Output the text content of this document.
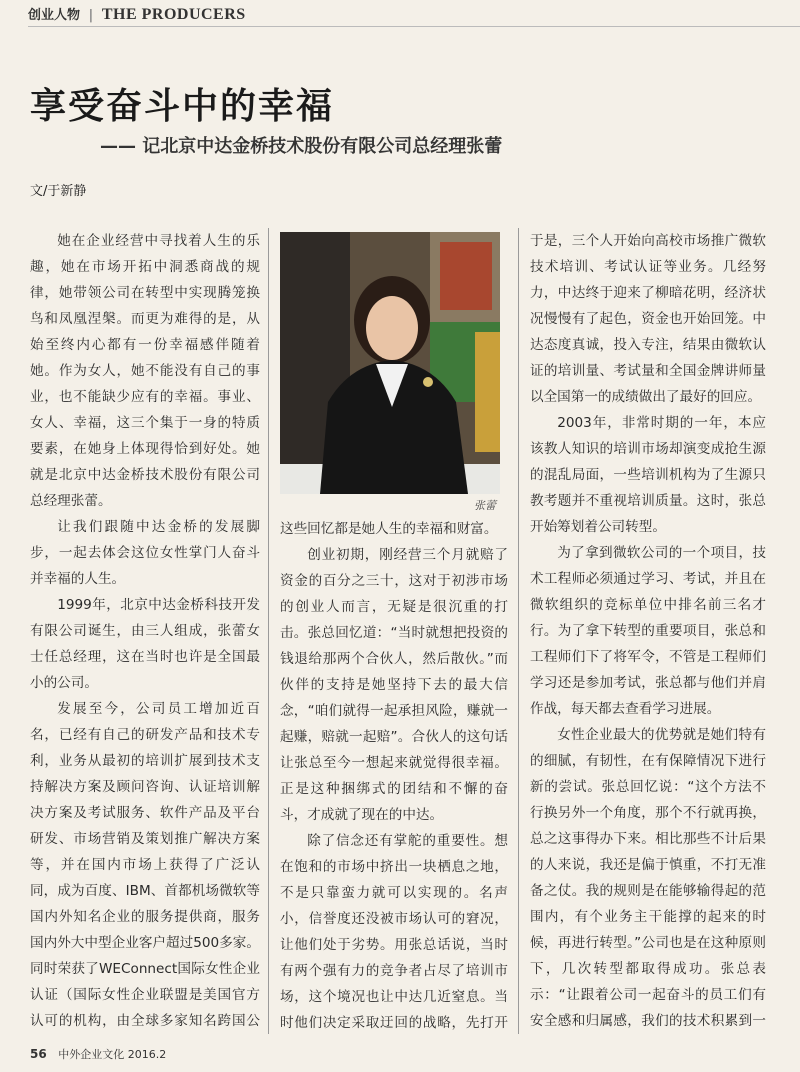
创业人物 | THE PRODUCERS
享受奋斗中的幸福
—— 记北京中达金桥技术股份有限公司总经理张蕾
文/于新静

她在企业经营中寻找着人生的乐趣，她在市场开拓中洞悉商战的规律，她带领公司在转型中实现腾笼换鸟和凤凰涅槃。而更为难得的是，从始至终内心都有一份幸福感伴随着她。作为女人，她不能没有自己的事业，也不能缺少应有的幸福。事业、女人、幸福，这三个集于一身的特质要素，在她身上体现得恰到好处。她就是北京中达金桥技术股份有限公司总经理张蕾。

让我们跟随中达金桥的发展脚步，一起去体会这位女性掌门人奋斗并幸福的人生。

1999年，北京中达金桥科技开发有限公司诞生，由三人组成，张蕾女士任总经理，这在当时也许是全国最小的公司。

发展至今，公司员工增加近百名，已经有自己的研发产品和技术专利，业务从最初的培训扩展到技术支持解决方案及顾问咨询、认证培训解决方案及考试服务、软件产品及平台研发、市场营销及策划推广解决方案等，并在国内市场上获得了广泛认同，成为百度、IBM、首都机场微软等国内外知名企业的服务提供商，服务国内外大中型企业客户超过500多家。同时荣获了WEConnect国际女性企业认证（国际女性企业联盟是美国官方认可的机构，由全球多家知名跨国公

张蕾

这些回忆都是她人生的幸福和财富。

创业初期，刚经营三个月就赔了资金的百分之三十，这对于初涉市场的创业人而言，无疑是很沉重的打击。张总回忆道：“当时就想把投资的钱退给那两个合伙人，然后散伙。”而伙伴的支持是她坚持下去的最大信念，“咱们就得一起承担风险，赚就一起赚，赔就一起赔”。合伙人的这句话让张总至今一想起来就觉得很幸福。正是这种捆绑式的团结和不懈的奋斗，才成就了现在的中达。

除了信念还有掌舵的重要性。想在饱和的市场中挤出一块栖息之地，不是只靠蛮力就可以实现的。名声小，信誉度还没被市场认可的窘况，让他们处于劣势。用张总话说，当时有两个强有力的竞争者占尽了培训市场，这个境况也让中达几近窒息。当时他们决定采取迂回的战略，先打开

于是，三个人开始向高校市场推广微软技术培训、考试认证等业务。几经努力，中达终于迎来了柳暗花明，经济状况慢慢有了起色，资金也开始回笼。中达态度真诚，投入专注，结果由微软认证的培训量、考试量和全国金牌讲师量以全国第一的成绩做出了最好的回应。

2003年，非常时期的一年，本应该教人知识的培训市场却演变成抢生源的混乱局面，一些培训机构为了生源只教考题并不重视培训质量。这时，张总开始筹划着公司转型。

为了拿到微软公司的一个项目，技术工程师必须通过学习、考试，并且在微软组织的竞标单位中排名前三名才行。为了拿下转型的重要项目，张总和工程师们下了将军令，不管是工程师们学习还是参加考试，张总都与他们并肩作战，每天都去查看学习进展。

女性企业最大的优势就是她们特有的细腻，有韧性，在有保障情况下进行新的尝试。张总回忆说：“这个方法不行换另外一个角度，那个不行就再换，总之这事得办下来。相比那些不计后果的人来说，我还是偏于慎重，不打无准备之仗。我的规则是在能够输得起的范围内，有个业务主干能撑的起来的时候，再进行转型。”公司也是在这种原则下，几次转型都取得成功。张总表示：“让跟着公司一起奋斗的员工们有安全感和归属感，我们的技术积累到一

56 中外企业文化 2016.2
